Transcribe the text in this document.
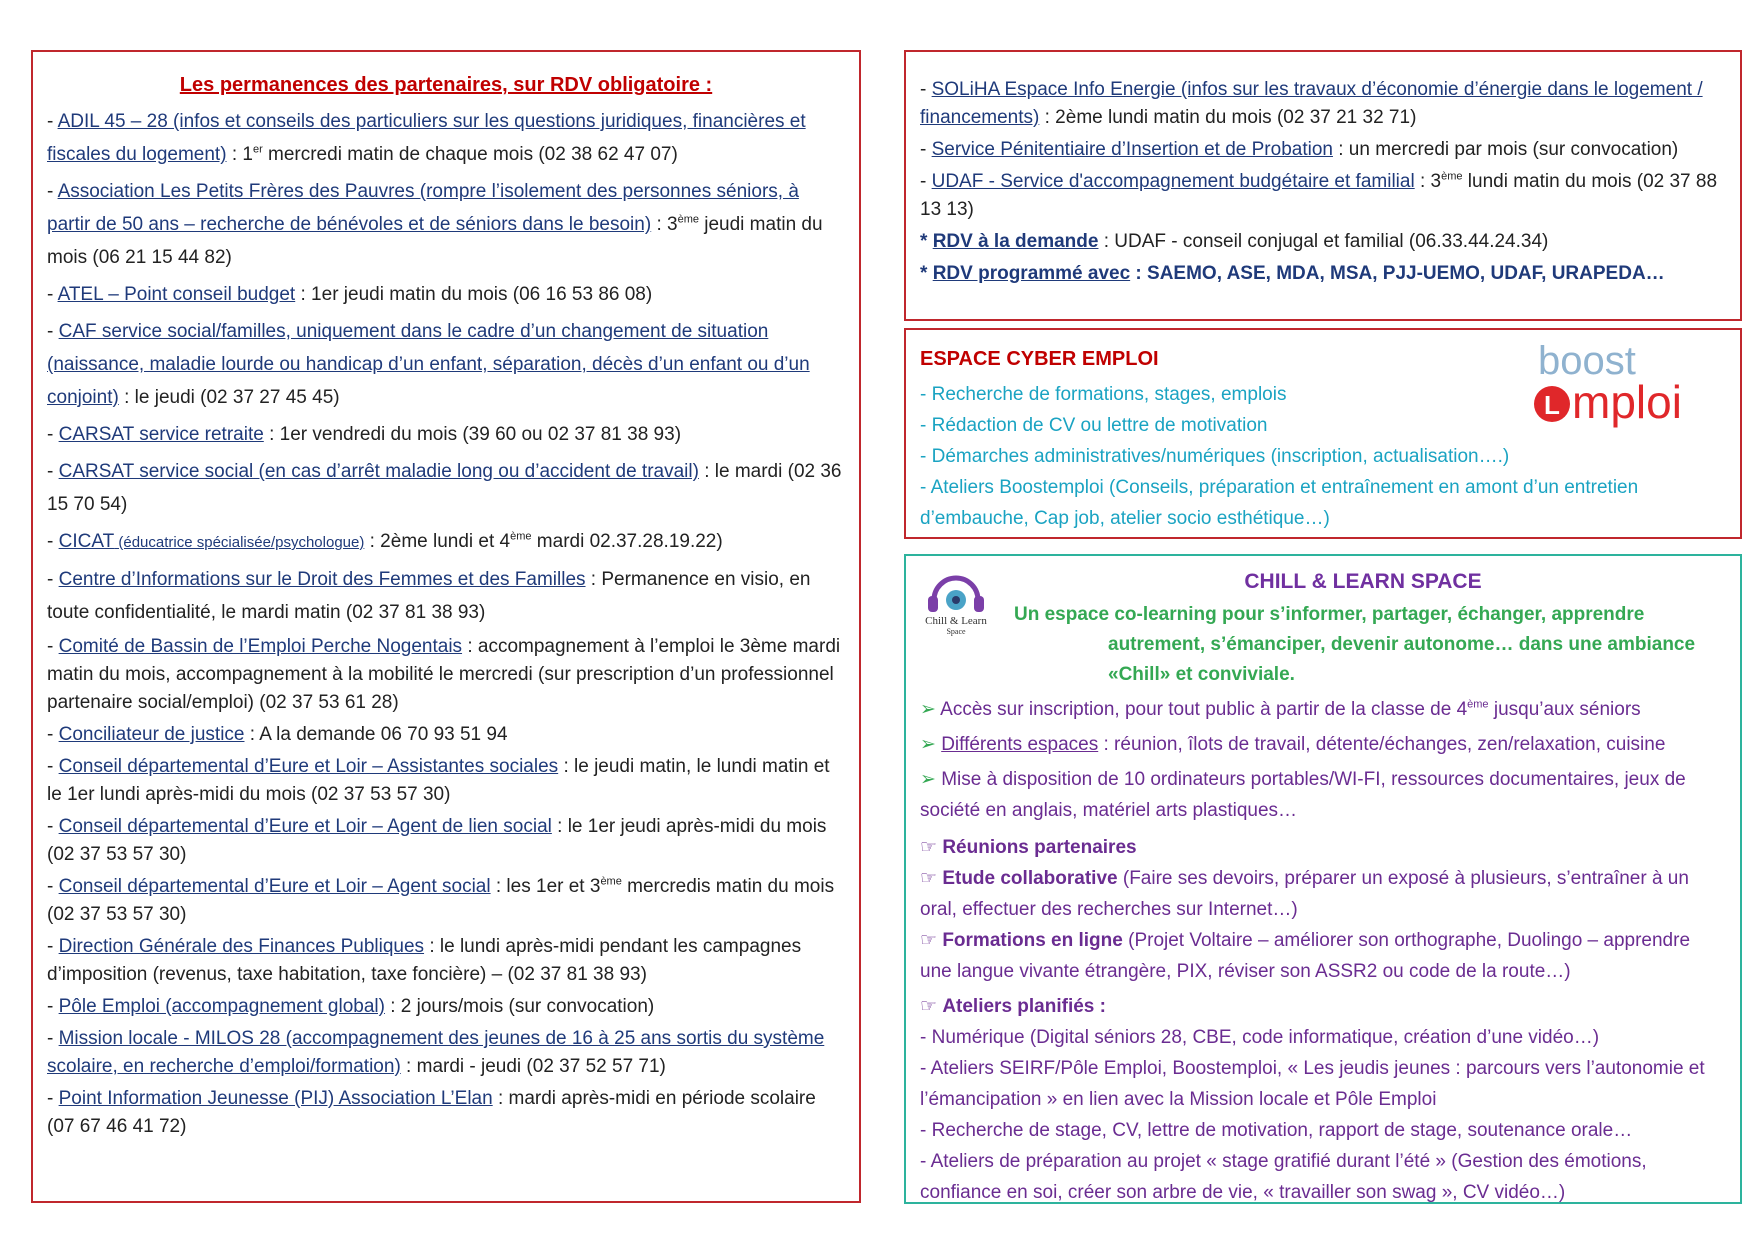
Les permanences des partenaires, sur RDV obligatoire :
- ADIL 45 – 28 (infos et conseils des particuliers sur les questions juridiques, financières et fiscales du logement) : 1er mercredi matin de chaque mois (02 38 62 47 07)
- Association Les Petits Frères des Pauvres (rompre l’isolement des personnes séniors, à partir de 50 ans – recherche de bénévoles et de séniors dans le besoin) : 3ème jeudi matin du mois (06 21 15 44 82)
- ATEL – Point conseil budget : 1er jeudi matin du mois (06 16 53 86 08)
- CAF service social/familles, uniquement dans le cadre d’un changement de situation (naissance, maladie lourde ou handicap d’un enfant, séparation, décès d’un enfant ou d’un conjoint) : le jeudi (02 37 27 45 45)
- CARSAT service retraite : 1er vendredi du mois (39 60 ou 02 37 81 38 93)
- CARSAT service social (en cas d’arrêt maladie long ou d’accident de travail) : le mardi (02 36 15 70 54)
- CICAT (éducatrice spécialisée/psychologue) : 2ème lundi et 4ème mardi 02.37.28.19.22)
- Centre d’Informations sur le Droit des Femmes et des Familles : Permanence en visio, en toute confidentialité, le mardi matin (02 37 81 38 93)
- Comité de Bassin de l’Emploi Perche Nogentais : accompagnement à l’emploi le 3ème mardi matin du mois, accompagnement à la mobilité le mercredi (sur prescription d’un professionnel partenaire social/emploi) (02 37 53 61 28)
- Conciliateur de justice : A la demande 06 70 93 51 94
- Conseil départemental d’Eure et Loir – Assistantes sociales : le jeudi matin, le lundi matin et le 1er lundi après-midi du mois (02 37 53 57 30)
- Conseil départemental d’Eure et Loir – Agent de lien social : le 1er jeudi après-midi du mois (02 37 53 57 30)
- Conseil départemental d’Eure et Loir – Agent social : les 1er et 3ème mercredis matin du mois (02 37 53 57 30)
- Direction Générale des Finances Publiques : le lundi après-midi pendant les campagnes d’imposition (revenus, taxe habitation, taxe foncière) – (02 37 81 38 93)
- Pôle Emploi (accompagnement global) : 2 jours/mois (sur convocation)
- Mission locale - MILOS 28 (accompagnement des jeunes de 16 à 25 ans sortis du système scolaire, en recherche d’emploi/formation) : mardi - jeudi (02 37 52 57 71)
- Point Information Jeunesse (PIJ) Association L’Elan : mardi après-midi en période scolaire (07 67 46 41 72)
- SOLiHA Espace Info Energie (infos sur les travaux d’économie d’énergie dans le logement / financements) : 2ème lundi matin du mois (02 37 21 32 71)
- Service Pénitentiaire d’Insertion et de Probation : un mercredi par mois (sur convocation)
- UDAF - Service d'accompagnement budgétaire et familial : 3ème lundi matin du mois (02 37 88 13 13)
* RDV à la demande : UDAF - conseil conjugal et familial (06.33.44.24.34)
* RDV programmé avec : SAEMO, ASE, MDA, MSA, PJJ-UEMO, UDAF, URAPEDA…
boost
L mploi
ESPACE CYBER EMPLOI
- Recherche de formations, stages, emplois
- Rédaction de CV ou lettre de motivation
- Démarches administratives/numériques (inscription, actualisation….)
- Ateliers Boostemploi (Conseils, préparation et entraînement en amont d’un entretien d’embauche, Cap job, atelier socio esthétique…)
Chill & Learn
Space
CHILL & LEARN SPACE
Un espace co-learning pour s’informer, partager, échanger, apprendre autrement, s’émanciper, devenir autonome… dans une ambiance «Chill» et conviviale.
➢ Accès sur inscription, pour tout public à partir de la classe de 4ème jusqu’aux séniors
➢ Différents espaces : réunion, îlots de travail, détente/échanges, zen/relaxation, cuisine
➢ Mise à disposition de 10 ordinateurs portables/WI-FI, ressources documentaires, jeux de société en anglais, matériel arts plastiques…
☞ Réunions partenaires
☞ Etude collaborative (Faire ses devoirs, préparer un exposé à plusieurs, s’entraîner à un oral, effectuer des recherches sur Internet…)
☞ Formations en ligne (Projet Voltaire – améliorer son orthographe, Duolingo – apprendre une langue vivante étrangère, PIX, réviser son ASSR2 ou code de la route…)
☞ Ateliers planifiés :
- Numérique (Digital séniors 28, CBE, code informatique, création d’une vidéo…)
- Ateliers SEIRF/Pôle Emploi, Boostemploi, « Les jeudis jeunes : parcours vers l’autonomie et l’émancipation » en lien avec la Mission locale et Pôle Emploi
- Recherche de stage, CV, lettre de motivation, rapport de stage, soutenance orale…
- Ateliers de préparation au projet « stage gratifié durant l’été » (Gestion des émotions, confiance en soi, créer son arbre de vie, « travailler son swag », CV vidéo…)
